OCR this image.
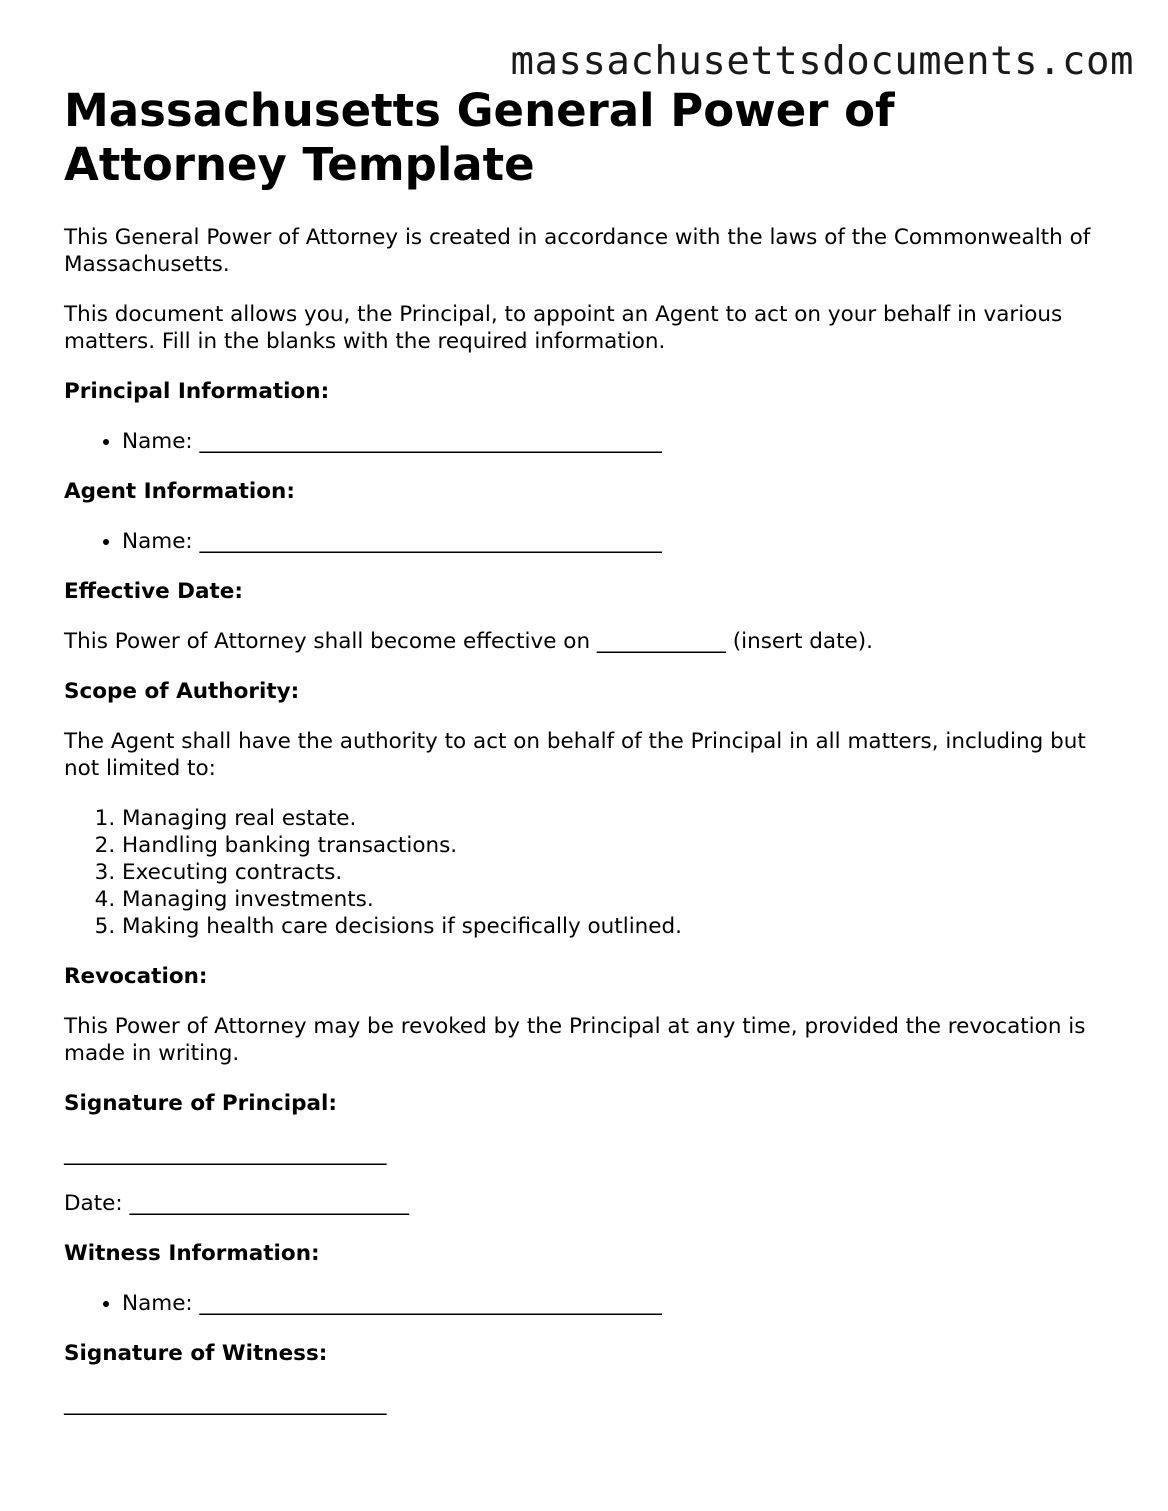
massachusettsdocuments.com
Massachusetts General Power of Attorney Template

This General Power of Attorney is created in accordance with the laws of the Commonwealth of Massachusetts.

This document allows you, the Principal, to appoint an Agent to act on your behalf in various matters. Fill in the blanks with the required information.

Principal Information:
• Name: ___________________________________________
Agent Information:
• Name: ___________________________________________
Effective Date:

This Power of Attorney shall become effective on ____________ (insert date).

Scope of Authority:

The Agent shall have the authority to act on behalf of the Principal in all matters, including but not limited to:

1. Managing real estate.
2. Handling banking transactions.
3. Executing contracts.
4. Managing investments.
5. Making health care decisions if specifically outlined.
Revocation:

This Power of Attorney may be revoked by the Principal at any time, provided the revocation is made in writing.

Signature of Principal:
______________________________
Date: __________________________
Witness Information:
• Name: ___________________________________________
Signature of Witness:
______________________________
